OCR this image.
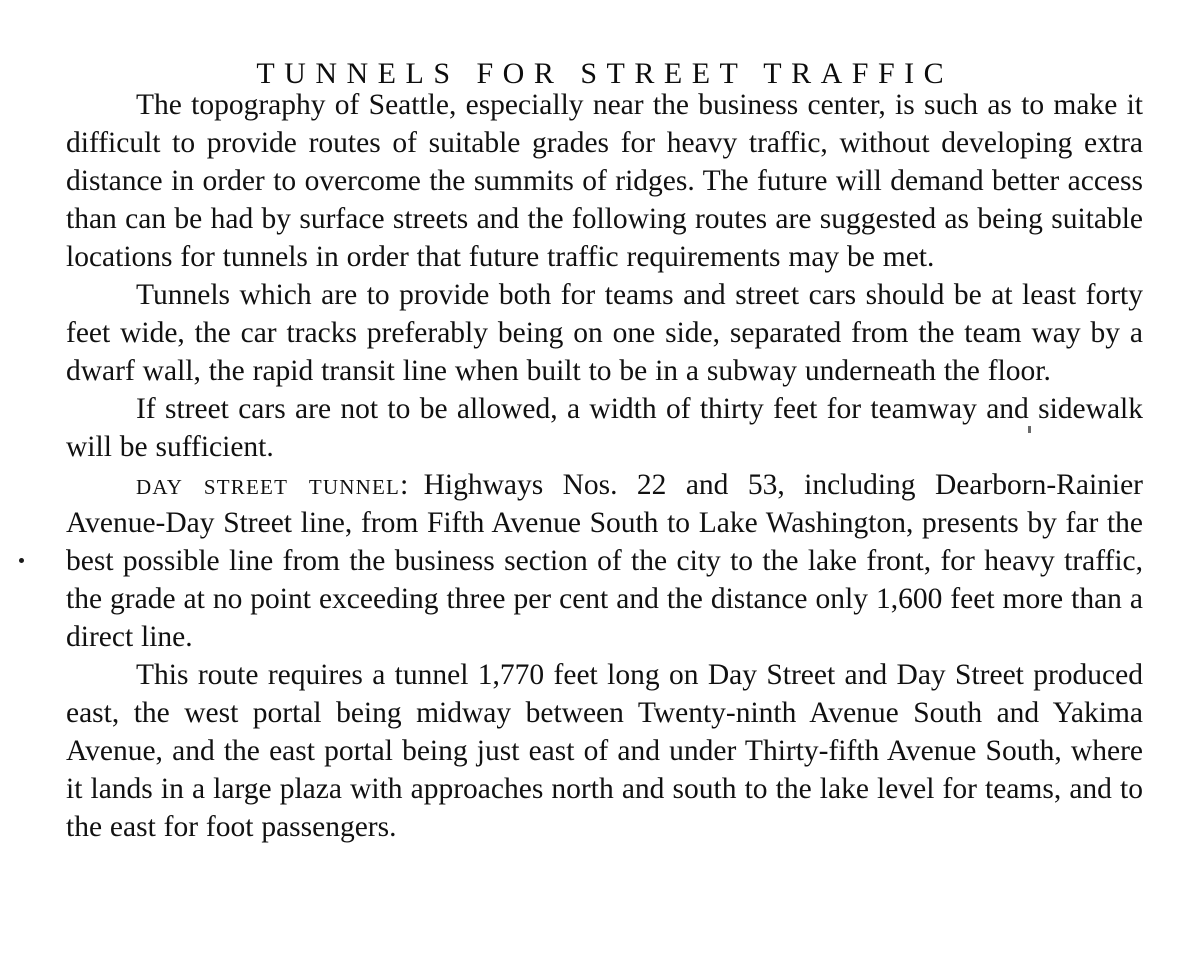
TUNNELS FOR STREET TRAFFIC

The topography of Seattle, especially near the business center, is such as to make it difficult to provide routes of suitable grades for heavy traffic, without developing extra distance in order to overcome the summits of ridges. The future will demand better access than can be had by surface streets and the following routes are suggested as being suitable locations for tunnels in order that future traffic requirements may be met.

Tunnels which are to provide both for teams and street cars should be at least forty feet wide, the car tracks preferably being on one side, separated from the team way by a dwarf wall, the rapid transit line when built to be in a subway underneath the floor.

If street cars are not to be allowed, a width of thirty feet for teamway and sidewalk will be sufficient.

day street tunnel: Highways Nos. 22 and 53, including Dearborn-Rainier Avenue-Day Street line, from Fifth Avenue South to Lake Washington, presents by far the best possible line from the business section of the city to the lake front, for heavy traffic, the grade at no point exceeding three per cent and the distance only 1,600 feet more than a direct line.

This route requires a tunnel 1,770 feet long on Day Street and Day Street produced east, the west portal being midway between Twenty-ninth Avenue South and Yakima Avenue, and the east portal being just east of and under Thirty-fifth Avenue South, where it lands in a large plaza with approaches north and south to the lake level for teams, and to the east for foot passengers.
